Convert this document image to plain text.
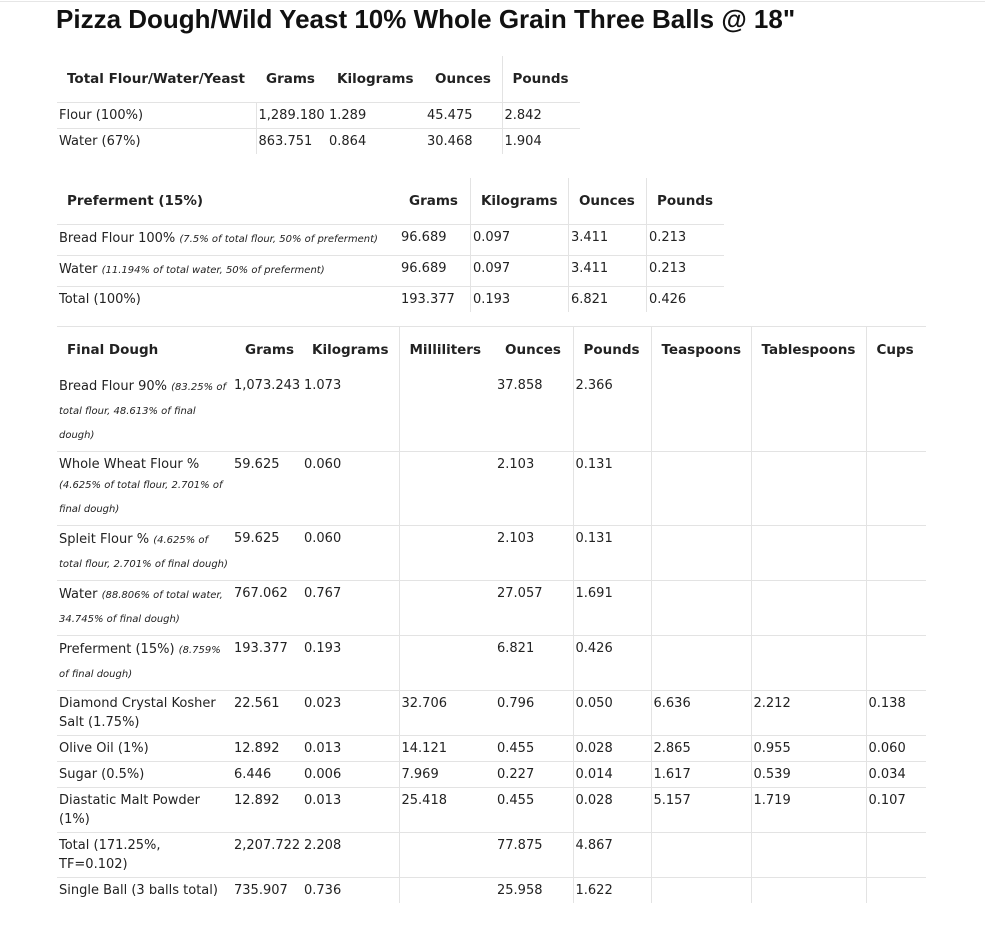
Pizza Dough/Wild Yeast 10% Whole Grain Three Balls @ 18"
Total Flour/Water/Yeast	Grams	Kilograms	Ounces	Pounds
Flour (100%)	1,289.180	1.289	45.475	2.842
Water (67%)	863.751	0.864	30.468	1.904
Preferment (15%)	Grams	Kilograms	Ounces	Pounds
Bread Flour 100% (7.5% of total flour, 50% of preferment)	96.689	0.097	3.411	0.213
Water (11.194% of total water, 50% of preferment)	96.689	0.097	3.411	0.213
Total (100%)	193.377	0.193	6.821	0.426
Final Dough	Grams	Kilograms	Milliliters	Ounces	Pounds	Teaspoons	Tablespoons	Cups
Bread Flour 90% (83.25% of total flour, 48.613% of final dough)	1,073.243	1.073		37.858	2.366			
Whole Wheat Flour % (4.625% of total flour, 2.701% of final dough)	59.625	0.060		2.103	0.131			
Spleit Flour % (4.625% of total flour, 2.701% of final dough)	59.625	0.060		2.103	0.131			
Water (88.806% of total water, 34.745% of final dough)	767.062	0.767		27.057	1.691			
Preferment (15%) (8.759% of final dough)	193.377	0.193		6.821	0.426			
Diamond Crystal Kosher Salt (1.75%)	22.561	0.023	32.706	0.796	0.050	6.636	2.212	0.138
Olive Oil (1%)	12.892	0.013	14.121	0.455	0.028	2.865	0.955	0.060
Sugar (0.5%)	6.446	0.006	7.969	0.227	0.014	1.617	0.539	0.034
Diastatic Malt Powder (1%)	12.892	0.013	25.418	0.455	0.028	5.157	1.719	0.107
Total (171.25%, TF=0.102)	2,207.722	2.208		77.875	4.867			
Single Ball (3 balls total)	735.907	0.736		25.958	1.622			
